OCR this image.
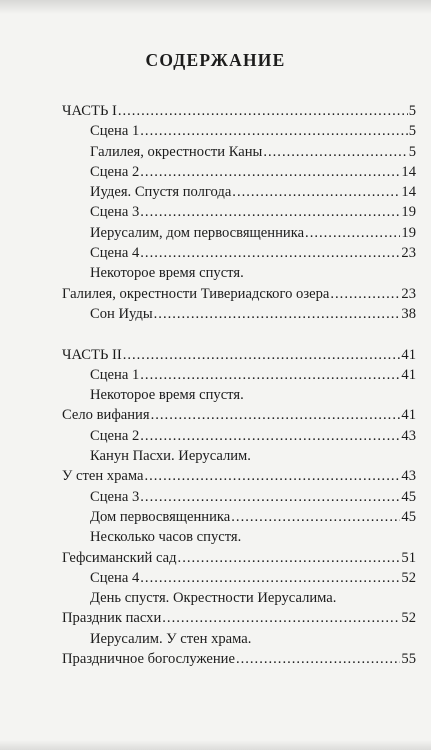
СОДЕРЖАНИЕ
ЧАСТЬ I .....	5
Сцена 1 .....	5
Галилея, окрестности Каны .....	5
Сцена 2 .....	14
Иудея. Спустя полгода .....	14
Сцена 3 .....	19
Иерусалим, дом первосвященника .....	19
Сцена 4 .....	23
Некоторое время спустя.
Галилея, окрестности Тивериадского озера .....	23
Сон Иуды .....	38
ЧАСТЬ II .....	41
Сцена 1 .....	41
Некоторое время спустя.
Село вифания .....	41
Сцена 2 .....	43
Канун Пасхи. Иерусалим.
У стен храма .....	43
Сцена 3 .....	45
Дом первосвященника .....	45
Несколько часов спустя.
Гефсиманский сад .....	51
Сцена 4 .....	52
День спустя. Окрестности Иерусалима.
Праздник пасхи .....	52
Иерусалим. У стен храма.
Праздничное богослужение .....	55
